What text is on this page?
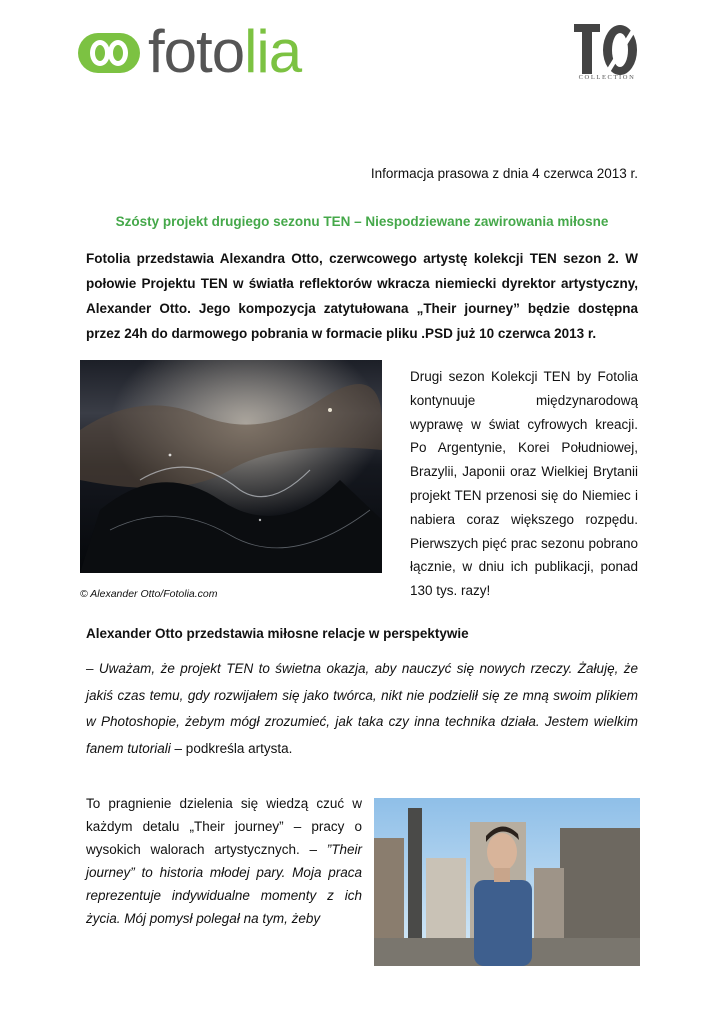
fotolia	COLLECTION
Informacja prasowa z dnia 4 czerwca 2013 r.
Szósty projekt drugiego sezonu TEN – Niespodziewane zawirowania miłosne
Fotolia przedstawia Alexandra Otto, czerwcowego artystę kolekcji TEN sezon 2. W połowie Projektu TEN w światła reflektorów wkracza niemiecki dyrektor artystyczny, Alexander Otto. Jego kompozycja zatytułowana „Their journey” będzie dostępna przez 24h do darmowego pobrania w formacie pliku .PSD już 10 czerwca 2013 r.
© Alexander Otto/Fotolia.com
Drugi sezon Kolekcji TEN by Fotolia kontynuuje międzynarodową wyprawę w świat cyfrowych kreacji. Po Argentynie, Korei Południowej, Brazylii, Japonii oraz Wielkiej Brytanii projekt TEN przenosi się do Niemiec i nabiera coraz większego rozpędu. Pierwszych pięć prac sezonu pobrano łącznie, w dniu ich publikacji, ponad 130 tys. razy!
Alexander Otto przedstawia miłosne relacje w perspektywie
– Uważam, że projekt TEN to świetna okazja, aby nauczyć się nowych rzeczy. Żałuję, że jakiś czas temu, gdy rozwijałem się jako twórca, nikt nie podzielił się ze mną swoim plikiem w Photoshopie, żebym mógł zrozumieć, jak taka czy inna technika działa. Jestem wielkim fanem tutoriali – podkreśla artysta.
To pragnienie dzielenia się wiedzą czuć w każdym detalu „Their journey” – pracy o wysokich walorach artystycznych. – ”Their journey” to historia młodej pary. Moja praca reprezentuje indywidualne momenty z ich życia. Mój pomysł polegał na tym, żeby
